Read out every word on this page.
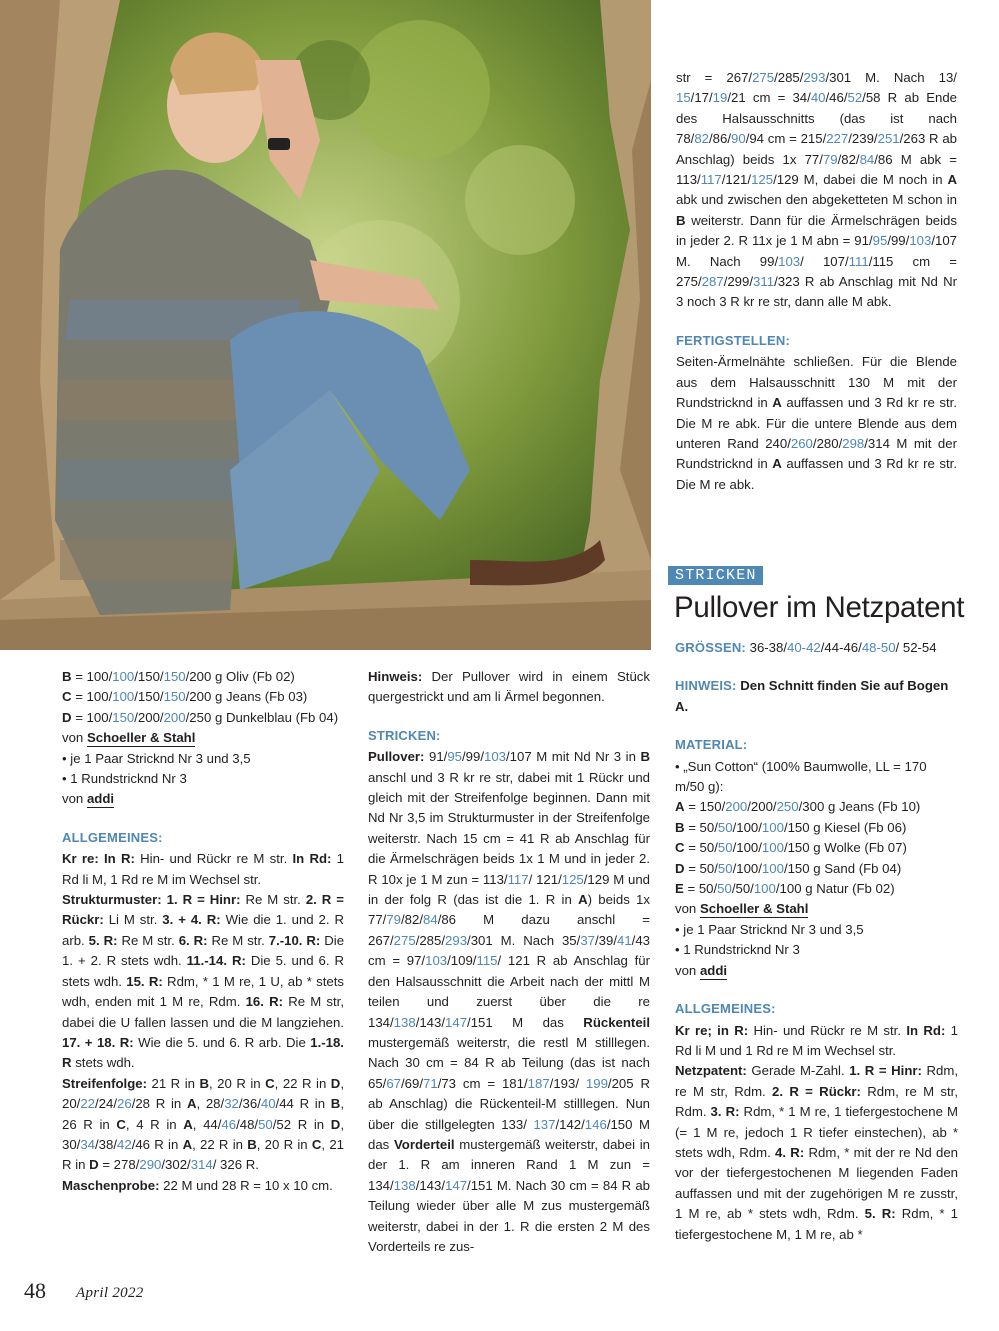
str = 267/275/285/293/301 M. Nach 13/ 15/17/19/21 cm = 34/40/46/52/58 R ab Ende des Halsausschnitts (das ist nach 78/82/86/90/94 cm = 215/227/239/251/263 R ab Anschlag) beids 1x 77/79/82/84/86 M abk = 113/117/121/125/129 M, dabei die M noch in A abk und zwischen den abgeketteten M schon in B weiterstr. Dann für die Ärmelschrägen beids in jeder 2. R 11x je 1 M abn = 91/95/99/103/107 M. Nach 99/103/ 107/111/115 cm = 275/287/299/311/323 R ab Anschlag mit Nd Nr 3 noch 3 R kr re str, dann alle M abk.

FERTIGSTELLEN:

Seiten-Ärmelnähte schließen. Für die Blende aus dem Halsausschnitt 130 M mit der Rundstricknd in A auffassen und 3 Rd kr re str. Die M re abk. Für die untere Blende aus dem unteren Rand 240/260/280/298/314 M mit der Rundstricknd in A auffassen und 3 Rd kr re str. Die M re abk.

STRICKEN
Pullover im Netzpatent
B = 100/100/150/150/200 g Oliv (Fb 02)
C = 100/100/150/150/200 g Jeans (Fb 03)
D = 100/150/200/200/250 g Dunkelblau (Fb 04)
von Schoeller & Stahl
• je 1 Paar Stricknd Nr 3 und 3,5
• 1 Rundstricknd Nr 3
von addi
ALLGEMEINES:

Kr re: In R: Hin- und Rückr re M str. In Rd: 1 Rd li M, 1 Rd re M im Wechsel str.

Strukturmuster: 1. R = Hinr: Re M str. 2. R = Rückr: Li M str. 3. + 4. R: Wie die 1. und 2. R arb. 5. R: Re M str. 6. R: Re M str. 7.-10. R: Die 1. + 2. R stets wdh. 11.-14. R: Die 5. und 6. R stets wdh. 15. R: Rdm, * 1 M re, 1 U, ab * stets wdh, enden mit 1 M re, Rdm. 16. R: Re M str, dabei die U fallen lassen und die M langziehen. 17. + 18. R: Wie die 5. und 6. R arb. Die 1.-18. R stets wdh.

Streifenfolge: 21 R in B, 20 R in C, 22 R in D, 20/22/24/26/28 R in A, 28/32/36/40/44 R in B, 26 R in C, 4 R in A, 44/46/48/50/52 R in D, 30/34/38/42/46 R in A, 22 R in B, 20 R in C, 21 R in D = 278/290/302/314/ 326 R.

Maschenprobe: 22 M und 28 R = 10 x 10 cm.

Hinweis: Der Pullover wird in einem Stück quergestrickt und am li Ärmel begonnen.

STRICKEN:

Pullover: 91/95/99/103/107 M mit Nd Nr 3 in B anschl und 3 R kr re str, dabei mit 1 Rückr und gleich mit der Streifenfolge beginnen. Dann mit Nd Nr 3,5 im Strukturmuster in der Streifenfolge weiterstr. Nach 15 cm = 41 R ab Anschlag für die Ärmelschrägen beids 1x 1 M und in jeder 2. R 10x je 1 M zun = 113/117/ 121/125/129 M und in der folg R (das ist die 1. R in A) beids 1x 77/79/82/84/86 M dazu anschl = 267/275/285/293/301 M. Nach 35/37/39/41/43 cm = 97/103/109/115/ 121 R ab Anschlag für den Halsausschnitt die Arbeit nach der mittl M teilen und zuerst über die re 134/138/143/147/151 M das Rückenteil mustergemäß weiterstr, die restl M stilllegen. Nach 30 cm = 84 R ab Teilung (das ist nach 65/67/69/71/73 cm = 181/187/193/ 199/205 R ab Anschlag) die Rückenteil-M stilllegen. Nun über die stillgelegten 133/ 137/142/146/150 M das Vorderteil mustergemäß weiterstr, dabei in der 1. R am inneren Rand 1 M zun = 134/138/143/147/151 M. Nach 30 cm = 84 R ab Teilung wieder über alle M zus mustergemäß weiterstr, dabei in der 1. R die ersten 2 M des Vorderteils re zus-

GRÖSSEN: 36-38/40-42/44-46/48-50/ 52-54

HINWEIS: Den Schnitt finden Sie auf Bogen A.

MATERIAL:
• „Sun Cotton“ (100% Baumwolle, LL = 170 m/50 g):
A = 150/200/200/250/300 g Jeans (Fb 10)
B = 50/50/100/100/150 g Kiesel (Fb 06)
C = 50/50/100/100/150 g Wolke (Fb 07)
D = 50/50/100/100/150 g Sand (Fb 04)
E = 50/50/50/100/100 g Natur (Fb 02)
von Schoeller & Stahl
• je 1 Paar Stricknd Nr 3 und 3,5
• 1 Rundstricknd Nr 3
von addi
ALLGEMEINES:

Kr re; in R: Hin- und Rückr re M str. In Rd: 1 Rd li M und 1 Rd re M im Wechsel str.

Netzpatent: Gerade M-Zahl. 1. R = Hinr: Rdm, re M str, Rdm. 2. R = Rückr: Rdm, re M str, Rdm. 3. R: Rdm, * 1 M re, 1 tiefergestochene M (= 1 M re, jedoch 1 R tiefer einstechen), ab * stets wdh, Rdm. 4. R: Rdm, * mit der re Nd den vor der tiefergestochenen M liegenden Faden auffassen und mit der zugehörigen M re zusstr, 1 M re, ab * stets wdh, Rdm. 5. R: Rdm, * 1 tiefergestochene M, 1 M re, ab *

48 April 2022
